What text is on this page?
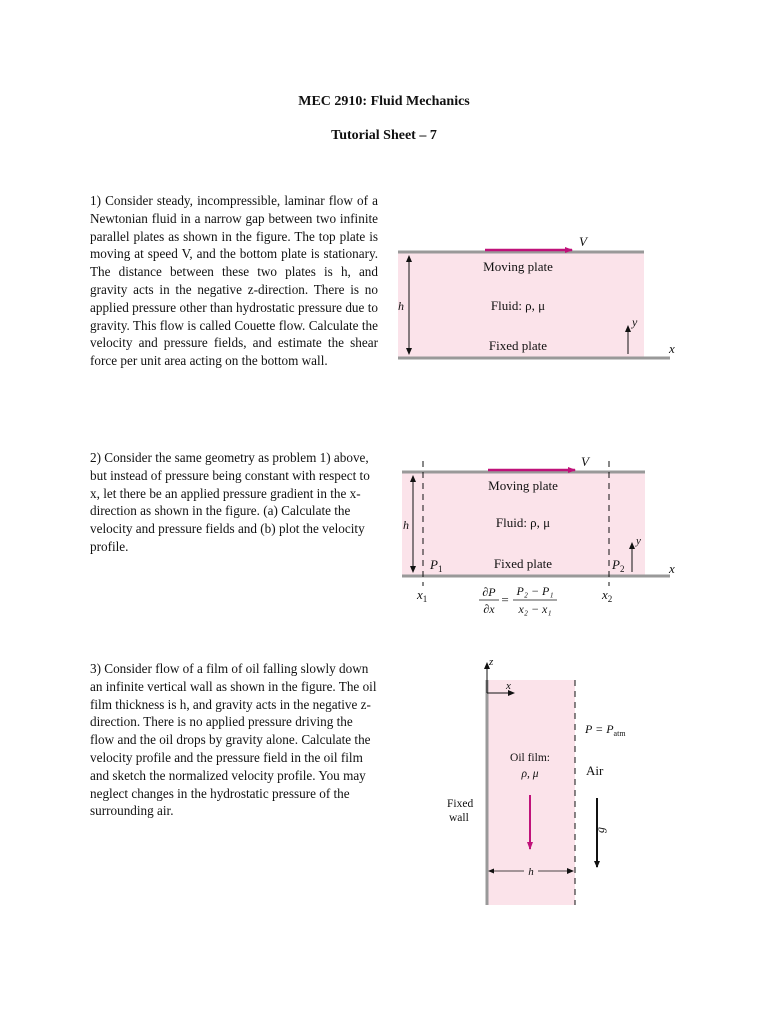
MEC 2910: Fluid Mechanics
Tutorial Sheet – 7
1) Consider steady, incompressible, laminar flow of a Newtonian fluid in a narrow gap between two infinite parallel plates as shown in the figure. The top plate is moving at speed V, and the bottom plate is stationary. The distance between these two plates is h, and gravity acts in the negative z-direction. There is no applied pressure other than hydrostatic pressure due to gravity. This flow is called Couette flow. Calculate the velocity and pressure fields, and estimate the shear force per unit area acting on the bottom wall.
2) Consider the same geometry as problem 1) above, but instead of pressure being constant with respect to x, let there be an applied pressure gradient in the x-direction as shown in the figure. (a) Calculate the velocity and pressure fields and (b) plot the velocity profile.
3) Consider flow of a film of oil falling slowly down an infinite vertical wall as shown in the figure. The oil film thickness is h, and gravity acts in the negative z-direction. There is no applied pressure driving the flow and the oil drops by gravity alone. Calculate the velocity profile and the pressure field in the oil film and sketch the normalized velocity profile. You may neglect changes in the hydrostatic pressure of the surrounding air.
V
Moving plate
Fluid: ρ, μ
Fixed plate
h
y
x
V
Moving plate
Fluid: ρ, μ
Fixed plate
h
$P_1$	$P_2$
y
x
$x_1$	$x_2$
∂P
∂x
=
P₂ − P₁
x₂ − x₁
z
x
$P = P_{atm}$
Air
Oil film:
ρ, μ
Fixed
wall
g
h
